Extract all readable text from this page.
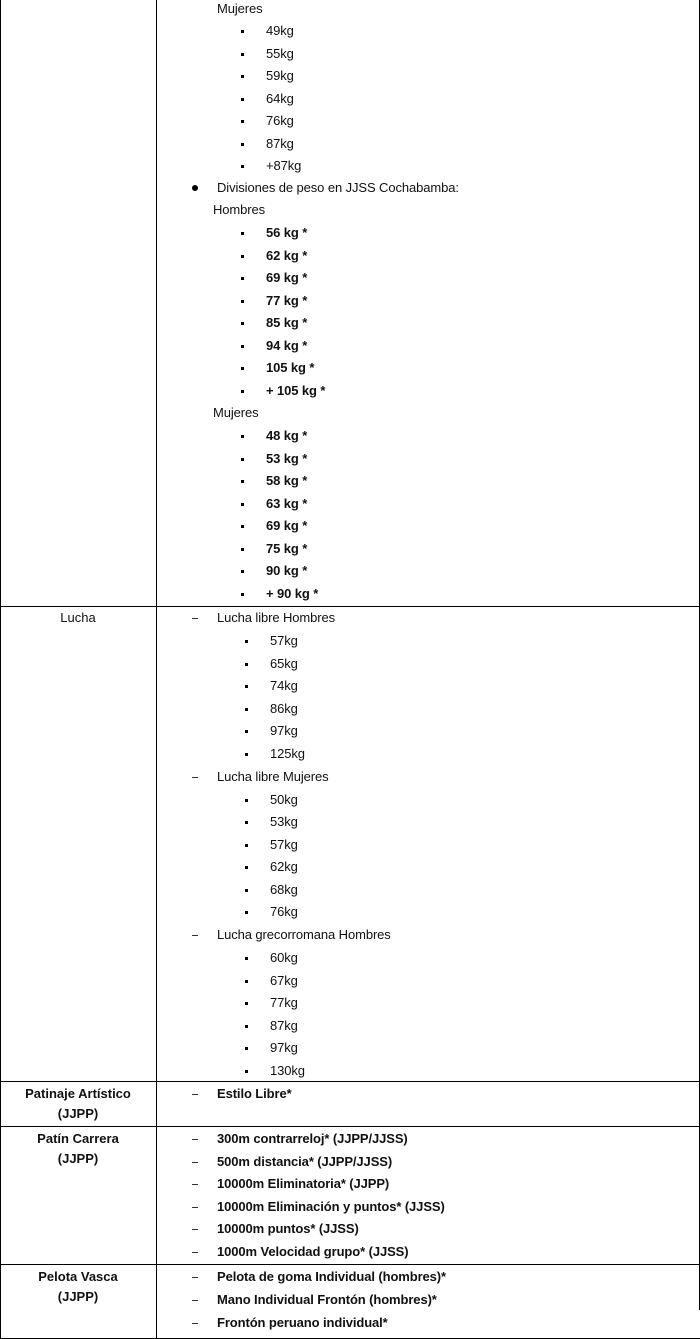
Mujeres
49kg
55kg
59kg
64kg
76kg
87kg
+87kg
Divisiones de peso en JJSS Cochabamba:
Hombres
56 kg *
62 kg *
69 kg *
77 kg *
85 kg *
94 kg *
105 kg *
+ 105 kg *
Mujeres
48 kg *
53 kg *
58 kg *
63 kg *
69 kg *
75 kg *
90 kg *
+ 90 kg *
Lucha	Lucha libre Hombres
57kg
65kg
74kg
86kg
97kg
125kg
Lucha libre Mujeres
50kg
53kg
57kg
62kg
68kg
76kg
Lucha grecorromana Hombres
60kg
67kg
77kg
87kg
97kg
130kg
Patinaje Artístico
(JJPP)
Estilo Libre*
Patín Carrera
(JJPP)
300m contrarreloj* (JJPP/JJSS)
500m distancia* (JJPP/JJSS)
10000m Eliminatoria* (JJPP)
10000m Eliminación y puntos* (JJSS)
10000m puntos* (JJSS)
1000m Velocidad grupo* (JJSS)
Pelota Vasca
(JJPP)
Pelota de goma Individual (hombres)*
Mano Individual Frontón (hombres)*
Frontón peruano individual*
